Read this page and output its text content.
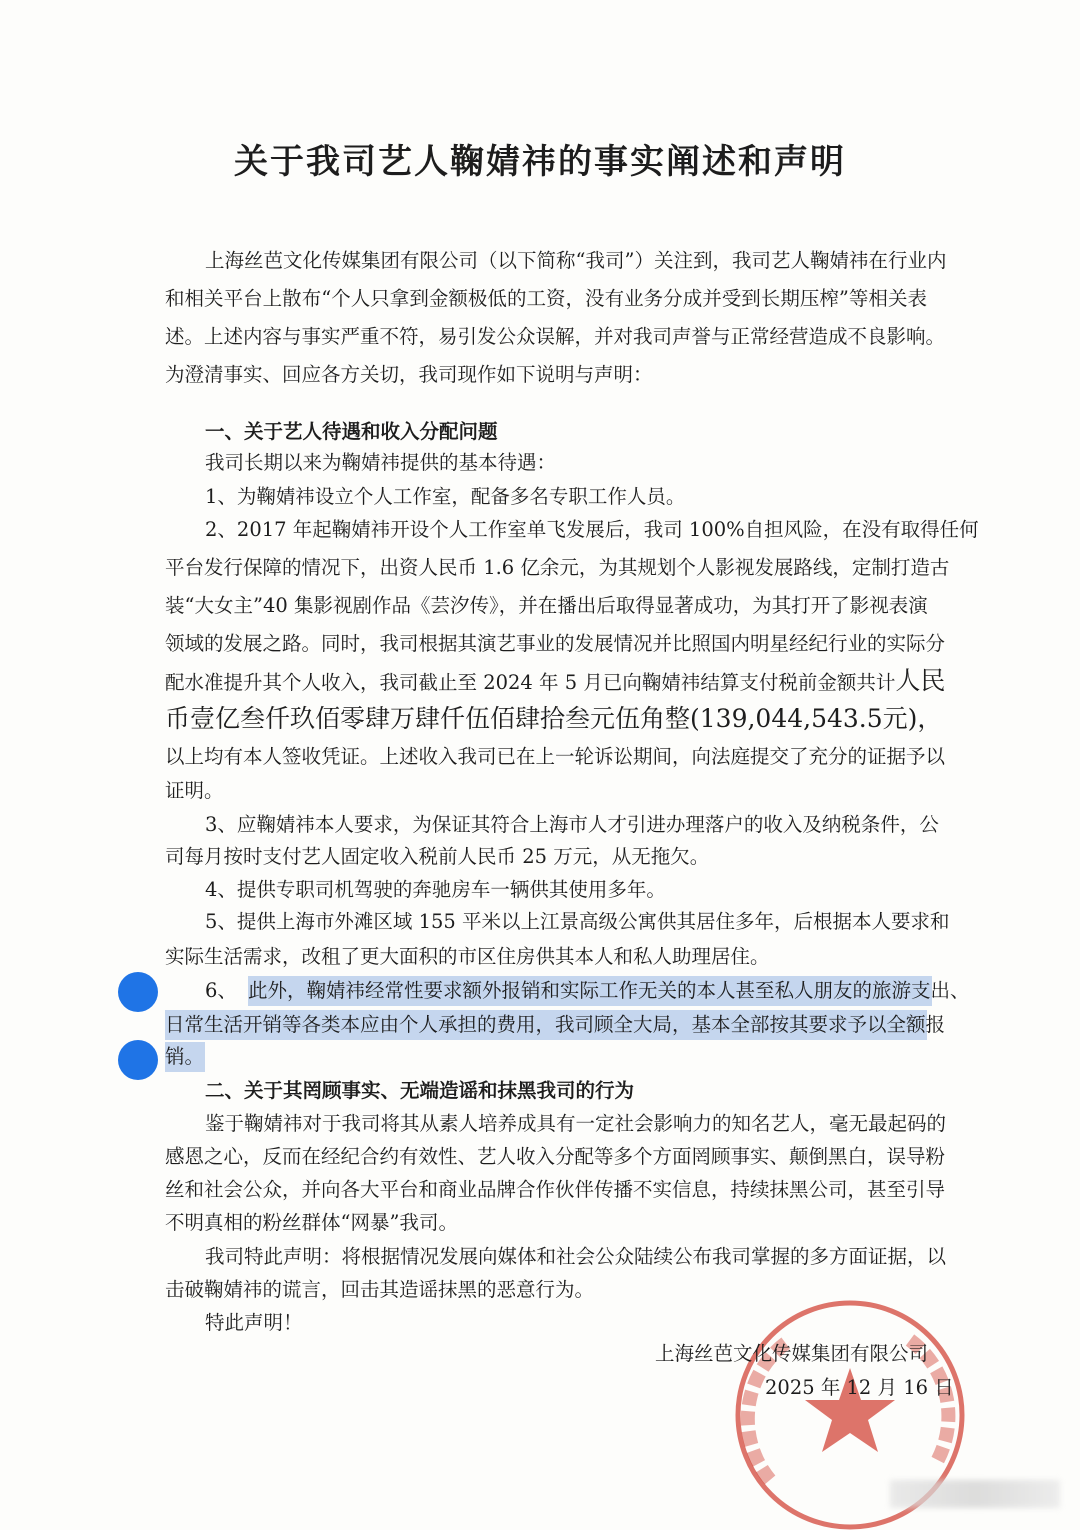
关于我司艺人鞠婧祎的事实阐述和声明
上海丝芭文化传媒集团有限公司（以下简称“我司”）关注到，我司艺人鞠婧祎在行业内
和相关平台上散布“个人只拿到金额极低的工资，没有业务分成并受到长期压榨”等相关表
述。上述内容与事实严重不符，易引发公众误解，并对我司声誉与正常经营造成不良影响。
为澄清事实、回应各方关切，我司现作如下说明与声明：
一、关于艺人待遇和收入分配问题
我司长期以来为鞠婧祎提供的基本待遇：
1、为鞠婧祎设立个人工作室，配备多名专职工作人员。
2、2017 年起鞠婧祎开设个人工作室单飞发展后，我司 100%自担风险，在没有取得任何
平台发行保障的情况下，出资人民币 1.6 亿余元，为其规划个人影视发展路线，定制打造古
装“大女主”40 集影视剧作品《芸汐传》，并在播出后取得显著成功，为其打开了影视表演
领域的发展之路。同时，我司根据其演艺事业的发展情况并比照国内明星经纪行业的实际分
配水准提升其个人收入，我司截止至 2024 年 5 月已向鞠婧祎结算支付税前金额共计 人民
币壹亿叁仟玖佰零肆万肆仟伍佰肆拾叁元伍角整(139,044,543.5元)，
以上均有本人签收凭证。上述收入我司已在上一轮诉讼期间，向法庭提交了充分的证据予以
证明。
3、应鞠婧祎本人要求，为保证其符合上海市人才引进办理落户的收入及纳税条件，公
司每月按时支付艺人固定收入税前人民币 25 万元，从无拖欠。
4、提供专职司机驾驶的奔驰房车一辆供其使用多年。
5、提供上海市外滩区域 155 平米以上江景高级公寓供其居住多年，后根据本人要求和
实际生活需求，改租了更大面积的市区住房供其本人和私人助理居住。
6、 此外，鞠婧祎经常性要求额外报销和实际工作无关的本人甚至私人朋友的旅游支出、
日常生活开销等各类本应由个人承担的费用，我司顾全大局，基本全部按其要求予以全额报
销。
二、关于其罔顾事实、无端造谣和抹黑我司的行为
鉴于鞠婧祎对于我司将其从素人培养成具有一定社会影响力的知名艺人，毫无最起码的
感恩之心，反而在经纪合约有效性、艺人收入分配等多个方面罔顾事实、颠倒黑白，误导粉
丝和社会公众，并向各大平台和商业品牌合作伙伴传播不实信息，持续抹黑公司，甚至引导
不明真相的粉丝群体“网暴”我司。
我司特此声明：将根据情况发展向媒体和社会公众陆续公布我司掌握的多方面证据，以
击破鞠婧祎的谎言，回击其造谣抹黑的恶意行为。
特此声明！
上海丝芭文化传媒集团有限公司
2025 年 12 月 16 日
